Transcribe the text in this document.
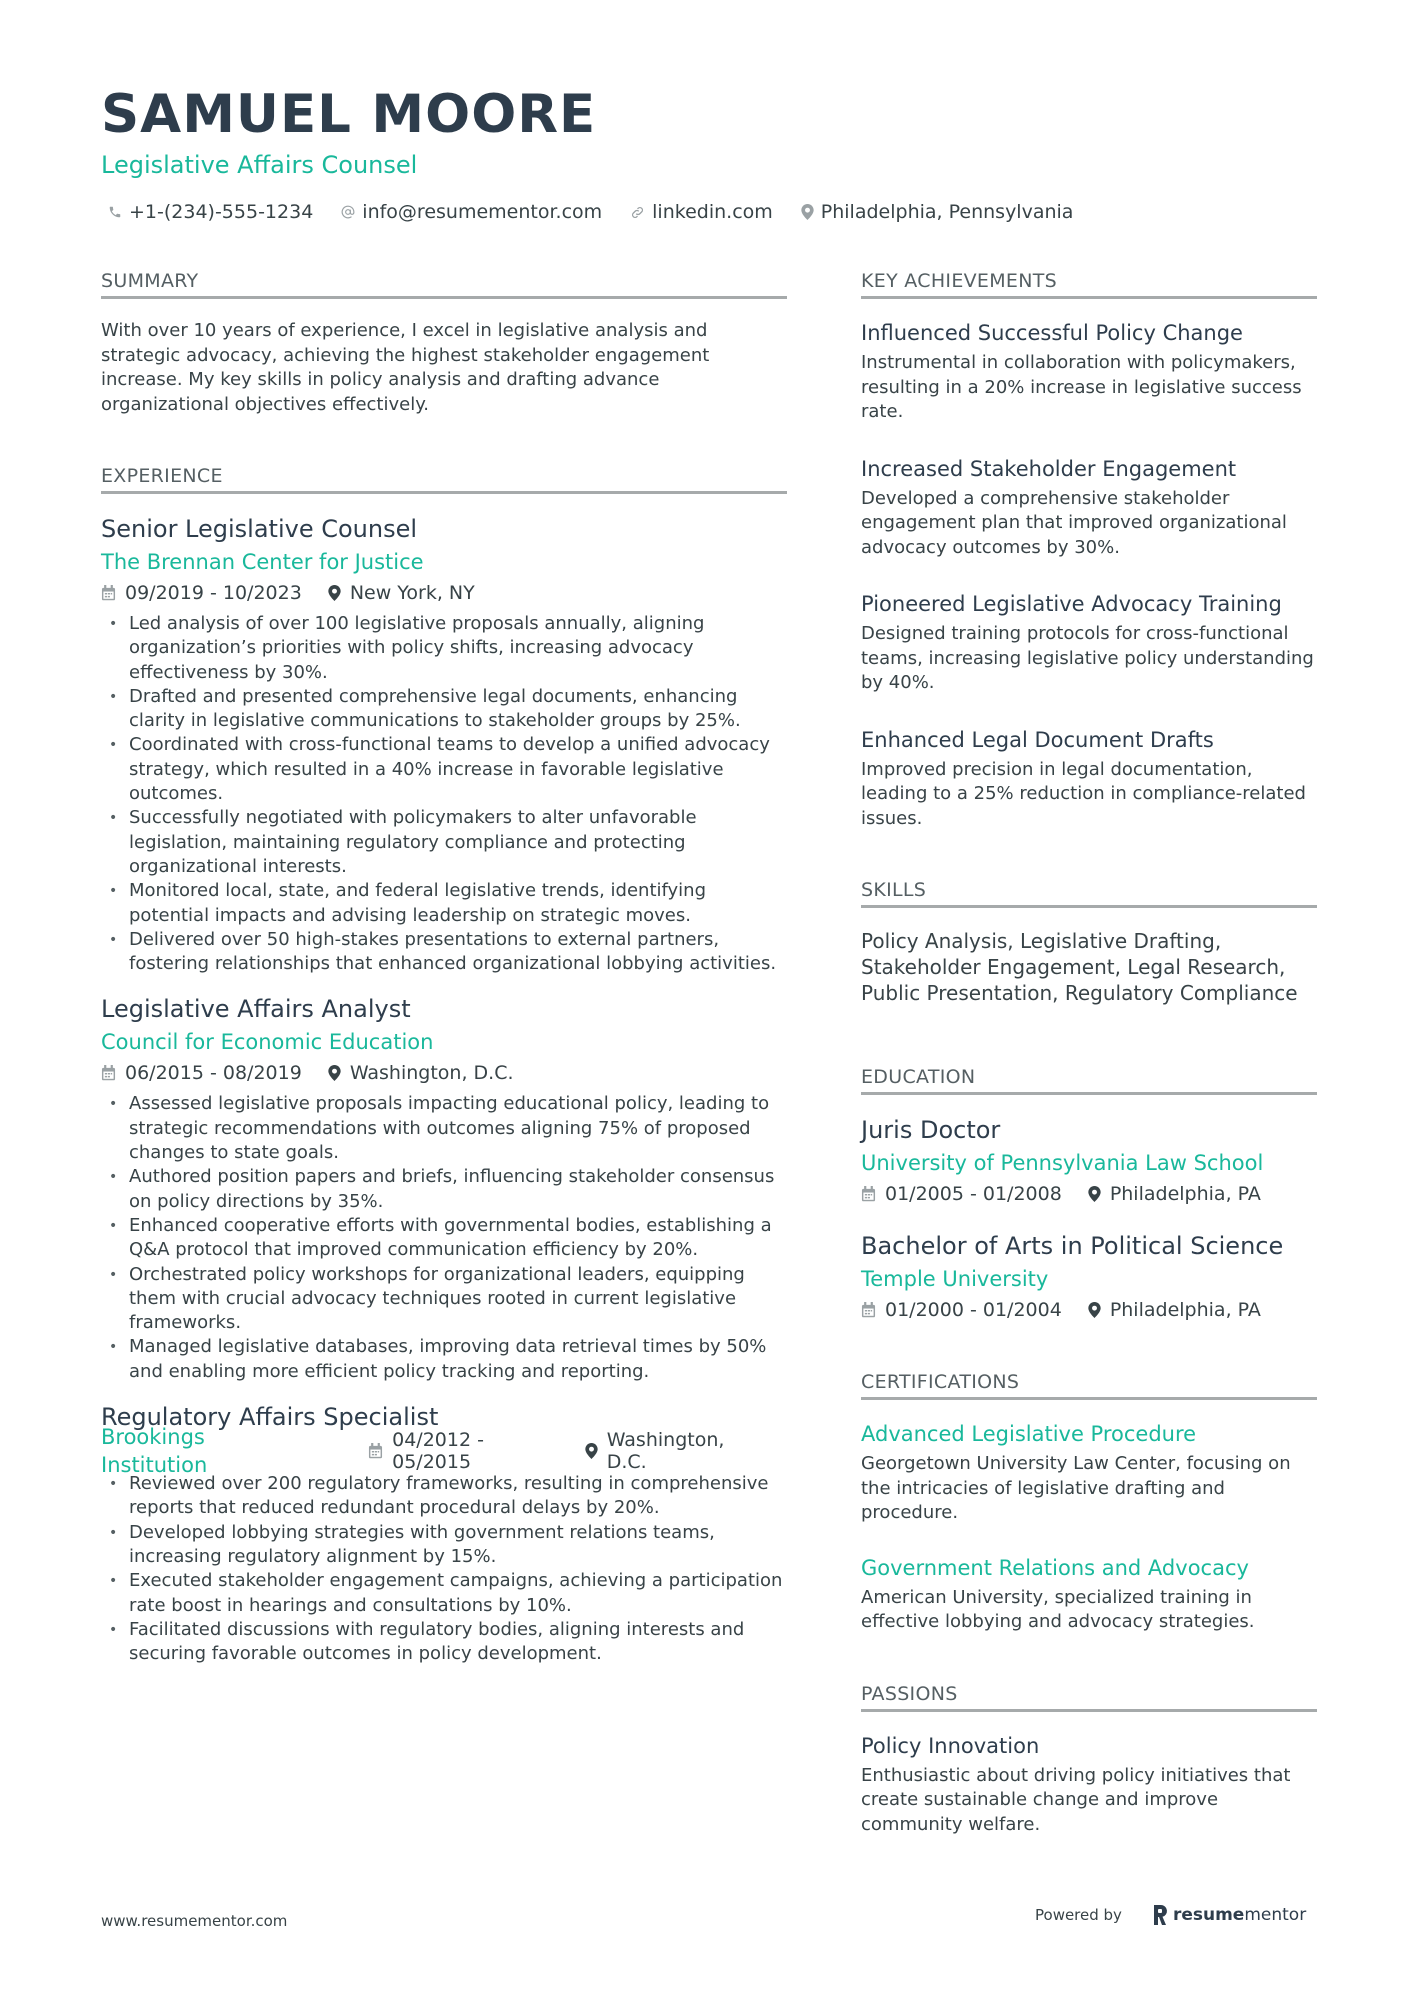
SAMUEL MOORE
Legislative Affairs Counsel
+1-(234)-555-1234	info@resumementor.com	linkedin.com	Philadelphia, Pennsylvania
SUMMARY
With over 10 years of experience, I excel in legislative analysis and strategic advocacy, achieving the highest stakeholder engagement increase. My key skills in policy analysis and drafting advance organizational objectives effectively.
EXPERIENCE
Senior Legislative Counsel
The Brennan Center for Justice
09/2019 - 10/2023	New York, NY
• Led analysis of over 100 legislative proposals annually, aligning organization’s priorities with policy shifts, increasing advocacy effectiveness by 30%.
• Drafted and presented comprehensive legal documents, enhancing clarity in legislative communications to stakeholder groups by 25%.
• Coordinated with cross-functional teams to develop a unified advocacy strategy, which resulted in a 40% increase in favorable legislative outcomes.
• Successfully negotiated with policymakers to alter unfavorable legislation, maintaining regulatory compliance and protecting organizational interests.
• Monitored local, state, and federal legislative trends, identifying potential impacts and advising leadership on strategic moves.
• Delivered over 50 high-stakes presentations to external partners, fostering relationships that enhanced organizational lobbying activities.
Legislative Affairs Analyst
Council for Economic Education
06/2015 - 08/2019	Washington, D.C.
• Assessed legislative proposals impacting educational policy, leading to strategic recommendations with outcomes aligning 75% of proposed changes to state goals.
• Authored position papers and briefs, influencing stakeholder consensus on policy directions by 35%.
• Enhanced cooperative efforts with governmental bodies, establishing a Q&A protocol that improved communication efficiency by 20%.
• Orchestrated policy workshops for organizational leaders, equipping them with crucial advocacy techniques rooted in current legislative frameworks.
• Managed legislative databases, improving data retrieval times by 50% and enabling more efficient policy tracking and reporting.
Regulatory Affairs Specialist
Brookings Institution
04/2012 - 05/2015
Washington, D.C.
• Reviewed over 200 regulatory frameworks, resulting in comprehensive reports that reduced redundant procedural delays by 20%.
• Developed lobbying strategies with government relations teams, increasing regulatory alignment by 15%.
• Executed stakeholder engagement campaigns, achieving a participation rate boost in hearings and consultations by 10%.
• Facilitated discussions with regulatory bodies, aligning interests and securing favorable outcomes in policy development.
KEY ACHIEVEMENTS
Influenced Successful Policy Change
Instrumental in collaboration with policymakers, resulting in a 20% increase in legislative success rate.
Increased Stakeholder Engagement
Developed a comprehensive stakeholder engagement plan that improved organizational advocacy outcomes by 30%.
Pioneered Legislative Advocacy Training
Designed training protocols for cross-functional teams, increasing legislative policy understanding by 40%.
Enhanced Legal Document Drafts
Improved precision in legal documentation, leading to a 25% reduction in compliance-related issues.
SKILLS
Policy Analysis, Legislative Drafting, Stakeholder Engagement, Legal Research, Public Presentation, Regulatory Compliance
EDUCATION
Juris Doctor
University of Pennsylvania Law School
01/2005 - 01/2008	Philadelphia, PA
Bachelor of Arts in Political Science
Temple University
01/2000 - 01/2004	Philadelphia, PA
CERTIFICATIONS
Advanced Legislative Procedure
Georgetown University Law Center, focusing on the intricacies of legislative drafting and procedure.
Government Relations and Advocacy
American University, specialized training in effective lobbying and advocacy strategies.
PASSIONS
Policy Innovation
Enthusiastic about driving policy initiatives that create sustainable change and improve community welfare.
www.resumementor.com	Powered by	resume mentor
